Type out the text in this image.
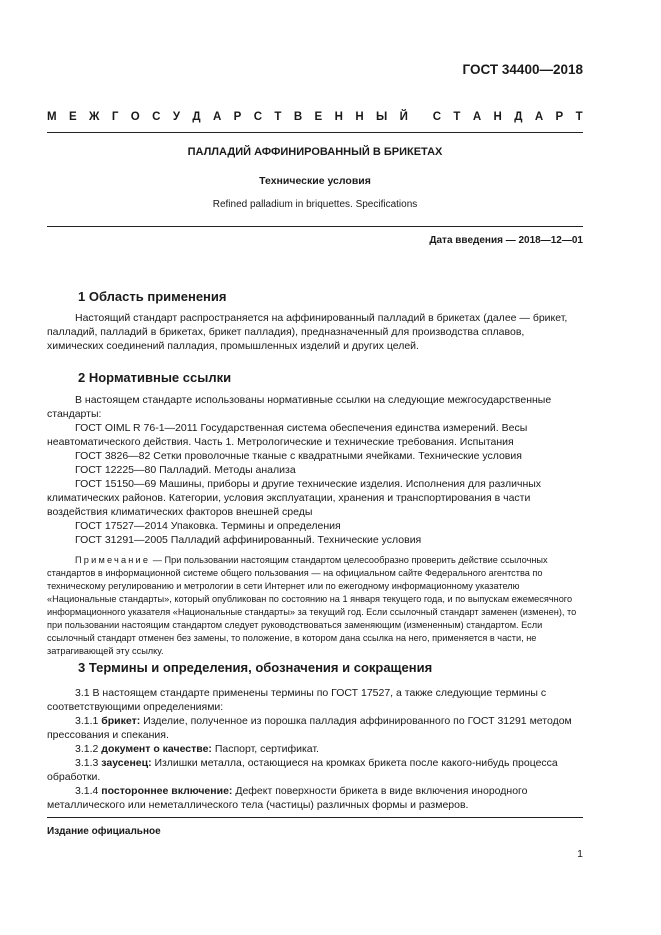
ГОСТ 34400—2018
М Е Ж Г О С У Д А Р С Т В Е Н Н Ы Й С Т А Н Д А Р Т
ПАЛЛАДИЙ АФФИНИРОВАННЫЙ В БРИКЕТАХ
Технические условия
Refined palladium in briquettes. Specifications
Дата введения — 2018—12—01
1 Область применения

Настоящий стандарт распространяется на аффинированный палладий в брикетах (далее — брикет, палладий, палладий в брикетах, брикет палладия), предназначенный для производства сплавов, химических соединений палладия, промышленных изделий и других целей.

2 Нормативные ссылки

В настоящем стандарте использованы нормативные ссылки на следующие межгосударственные стандарты:

ГОСТ OIML R 76-1—2011 Государственная система обеспечения единства измерений. Весы неавтоматического действия. Часть 1. Метрологические и технические требования. Испытания

ГОСТ 3826—82 Сетки проволочные тканые с квадратными ячейками. Технические условия

ГОСТ 12225—80 Палладий. Методы анализа

ГОСТ 15150—69 Машины, приборы и другие технические изделия. Исполнения для различных климатических районов. Категории, условия эксплуатации, хранения и транспортирования в части воздействия климатических факторов внешней среды

ГОСТ 17527—2014 Упаковка. Термины и определения

ГОСТ 31291—2005 Палладий аффинированный. Технические условия

Примечание — При пользовании настоящим стандартом целесообразно проверить действие ссылочных стандартов в информационной системе общего пользования — на официальном сайте Федерального агентства по техническому регулированию и метрологии в сети Интернет или по ежегодному информационному указателю «Национальные стандарты», который опубликован по состоянию на 1 января текущего года, и по выпускам ежемесячного информационного указателя «Национальные стандарты» за текущий год. Если ссылочный стандарт заменен (изменен), то при пользовании настоящим стандартом следует руководствоваться заменяющим (измененным) стандартом. Если ссылочный стандарт отменен без замены, то положение, в котором дана ссылка на него, применяется в части, не затрагивающей эту ссылку.

3 Термины и определения, обозначения и сокращения

3.1 В настоящем стандарте применены термины по ГОСТ 17527, а также следующие термины с соответствующими определениями:

3.1.1 брикет: Изделие, полученное из порошка палладия аффинированного по ГОСТ 31291 методом прессования и спекания.

3.1.2 документ о качестве: Паспорт, сертификат.

3.1.3 заусенец: Излишки металла, остающиеся на кромках брикета после какого-нибудь процесса обработки.

3.1.4 постороннее включение: Дефект поверхности брикета в виде включения инородного металлического или неметаллического тела (частицы) различных формы и размеров.

Издание официальное
1
